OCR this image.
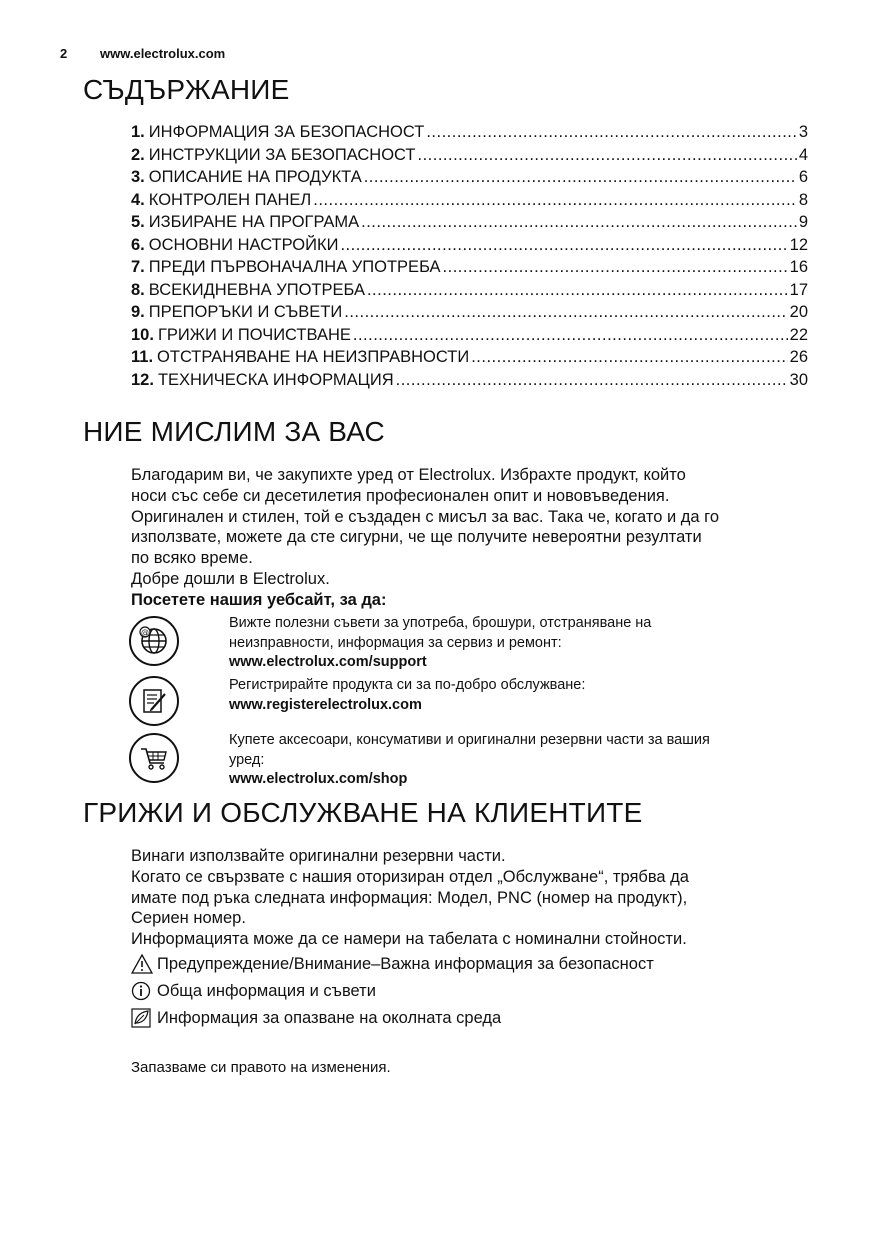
2	www.electrolux.com
СЪДЪРЖАНИЕ
1. ИНФОРМАЦИЯ ЗА БЕЗОПАСНОСТ .....	3
2. ИНСТРУКЦИИ ЗА БЕЗОПАСНОСТ .....	4
3. ОПИСАНИЕ НА ПРОДУКТА .....	6
4. КОНТРОЛЕН ПАНЕЛ .....	8
5. ИЗБИРАНЕ НА ПРОГРАМА .....	9
6. ОСНОВНИ НАСТРОЙКИ .....	12
7. ПРЕДИ ПЪРВОНАЧАЛНА УПОТРЕБА .....	16
8. ВСЕКИДНЕВНА УПОТРЕБА .....	17
9. ПРЕПОРЪКИ И СЪВЕТИ .....	20
10. ГРИЖИ И ПОЧИСТВАНЕ .....	22
11. ОТСТРАНЯВАНЕ НА НЕИЗПРАВНОСТИ .....	26
12. ТЕХНИЧЕСКА ИНФОРМАЦИЯ .....	30
НИЕ МИСЛИМ ЗА ВАС

Благодарим ви, че закупихте уред от Electrolux. Избрахте продукт, който

носи със себе си десетилетия професионален опит и нововъведения.

Оригинален и стилен, той е създаден с мисъл за вас. Така че, когато и да го

използвате, можете да сте сигурни, че ще получите невероятни резултати

по всяко време.

Добре дошли в Electrolux.

Посетете нашия уебсайт, за да:

@
Вижте полезни съвети за употреба, брошури, отстраняване на
неизправности, информация за сервиз и ремонт:
www.electrolux.com/support
Регистрирайте продукта си за по-добро обслужване:
www.registerelectrolux.com
Купете аксесоари, консумативи и оригинални резервни части за вашия
уред:
www.electrolux.com/shop
ГРИЖИ И ОБСЛУЖВАНЕ НА КЛИЕНТИТЕ

Винаги използвайте оригинални резервни части.

Когато се свързвате с нашия оторизиран отдел „Обслужване“, трябва да

имате под ръка следната информация: Модел, PNC (номер на продукт),

Сериен номер.

Информацията може да се намери на табелата с номинални стойности.

Предупреждение/Внимание–Важна информация за безопасност
Обща информация и съвети
Информация за опазване на околната среда
Запазваме си правото на изменения.
